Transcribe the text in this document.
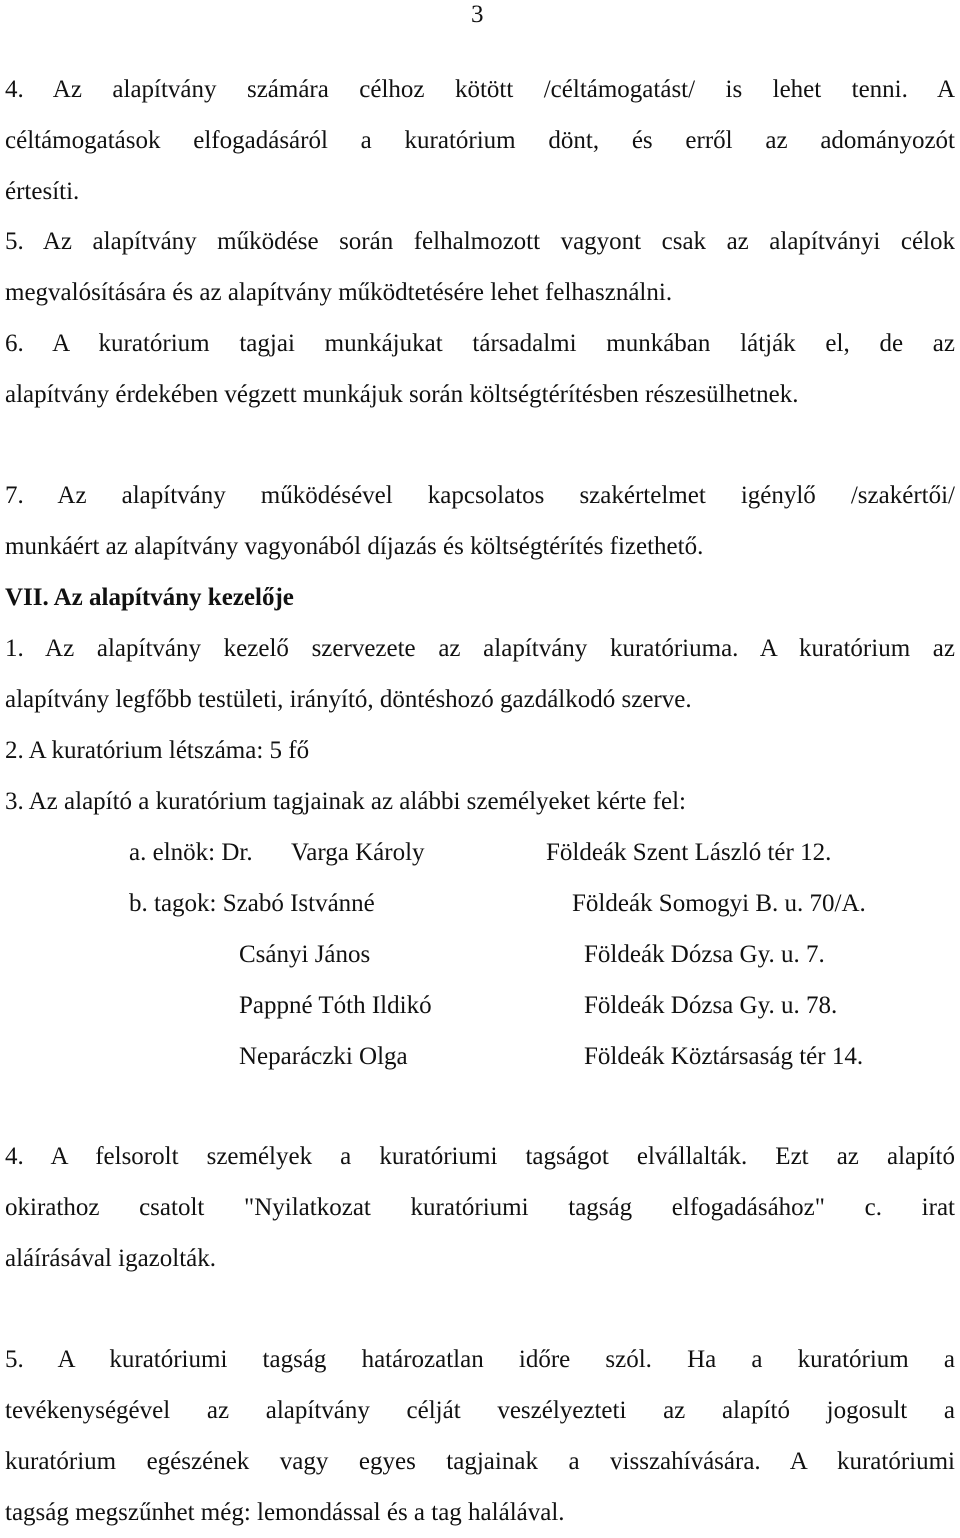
3
4. Az alapítvány számára célhoz kötött /céltámogatást/ is lehet tenni. A
céltámogatások elfogadásáról a kuratórium dönt, és erről az adományozót
értesíti.
5. Az alapítvány működése során felhalmozott vagyont csak az alapítványi célok
megvalósítására és az alapítvány működtetésére lehet felhasználni.
6. A kuratórium tagjai munkájukat társadalmi munkában látják el, de az
alapítvány érdekében végzett munkájuk során költségtérítésben részesülhetnek.
7. Az alapítvány működésével kapcsolatos szakértelmet igénylő /szakértői/
munkáért az alapítvány vagyonából díjazás és költségtérítés fizethető.
VII. Az alapítvány kezelője
1. Az alapítvány kezelő szervezete az alapítvány kuratóriuma. A kuratórium az
alapítvány legfőbb testületi, irányító, döntéshozó gazdálkodó szerve.
2. A kuratórium létszáma: 5 fő
3. Az alapító a kuratórium tagjainak az alábbi személyeket kérte fel:
a. elnök: Dr. Varga Károly	Földeák Szent László tér 12.
b. tagok: Szabó Istvánné	Földeák Somogyi B. u. 70/A.
Csányi János	Földeák Dózsa Gy. u. 7.
Pappné Tóth Ildikó	Földeák Dózsa Gy. u. 78.
Neparáczki Olga	Földeák Köztársaság tér 14.
4. A felsorolt személyek a kuratóriumi tagságot elvállalták. Ezt az alapító
okirathoz csatolt "Nyilatkozat kuratóriumi tagság elfogadásához" c. irat
aláírásával igazolták.
5. A kuratóriumi tagság határozatlan időre szól. Ha a kuratórium a
tevékenységével az alapítvány célját veszélyezteti az alapító jogosult a
kuratórium egészének vagy egyes tagjainak a visszahívására. A kuratóriumi
tagság megszűnhet még: lemondással és a tag halálával.
